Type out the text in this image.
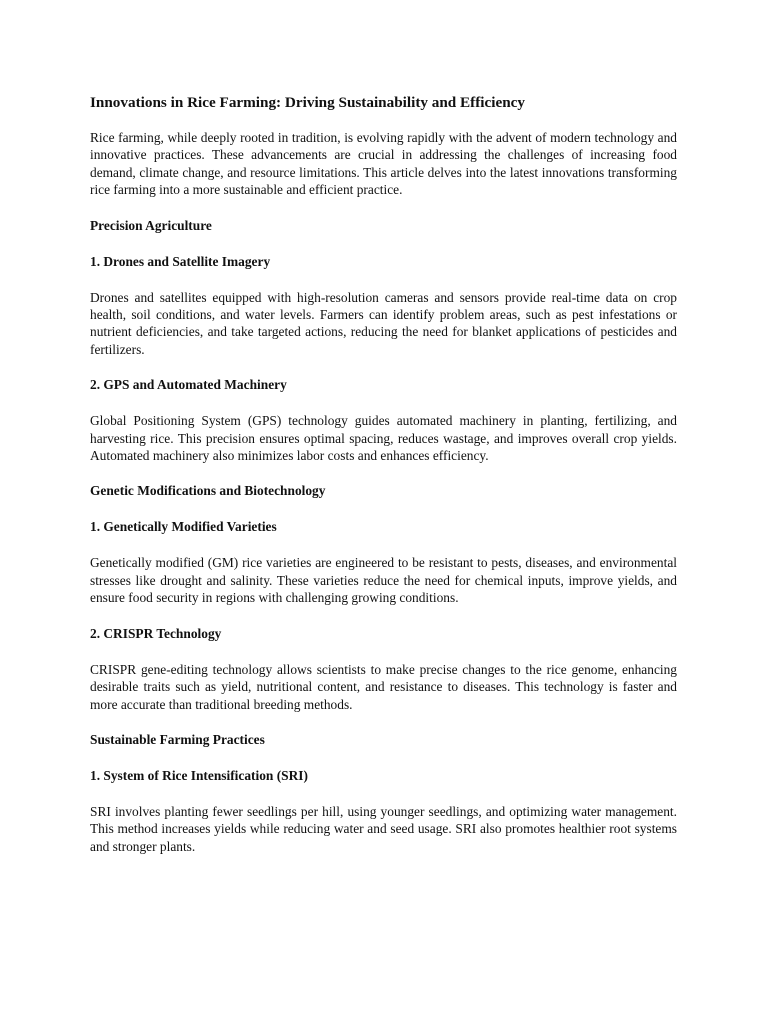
Innovations in Rice Farming: Driving Sustainability and Efficiency

Rice farming, while deeply rooted in tradition, is evolving rapidly with the advent of modern technology and innovative practices. These advancements are crucial in addressing the challenges of increasing food demand, climate change, and resource limitations. This article delves into the latest innovations transforming rice farming into a more sustainable and efficient practice.

Precision Agriculture
1. Drones and Satellite Imagery

Drones and satellites equipped with high-resolution cameras and sensors provide real-time data on crop health, soil conditions, and water levels. Farmers can identify problem areas, such as pest infestations or nutrient deficiencies, and take targeted actions, reducing the need for blanket applications of pesticides and fertilizers.

2. GPS and Automated Machinery

Global Positioning System (GPS) technology guides automated machinery in planting, fertilizing, and harvesting rice. This precision ensures optimal spacing, reduces wastage, and improves overall crop yields. Automated machinery also minimizes labor costs and enhances efficiency.

Genetic Modifications and Biotechnology
1. Genetically Modified Varieties

Genetically modified (GM) rice varieties are engineered to be resistant to pests, diseases, and environmental stresses like drought and salinity. These varieties reduce the need for chemical inputs, improve yields, and ensure food security in regions with challenging growing conditions.

2. CRISPR Technology

CRISPR gene-editing technology allows scientists to make precise changes to the rice genome, enhancing desirable traits such as yield, nutritional content, and resistance to diseases. This technology is faster and more accurate than traditional breeding methods.

Sustainable Farming Practices
1. System of Rice Intensification (SRI)

SRI involves planting fewer seedlings per hill, using younger seedlings, and optimizing water management. This method increases yields while reducing water and seed usage. SRI also promotes healthier root systems and stronger plants.
